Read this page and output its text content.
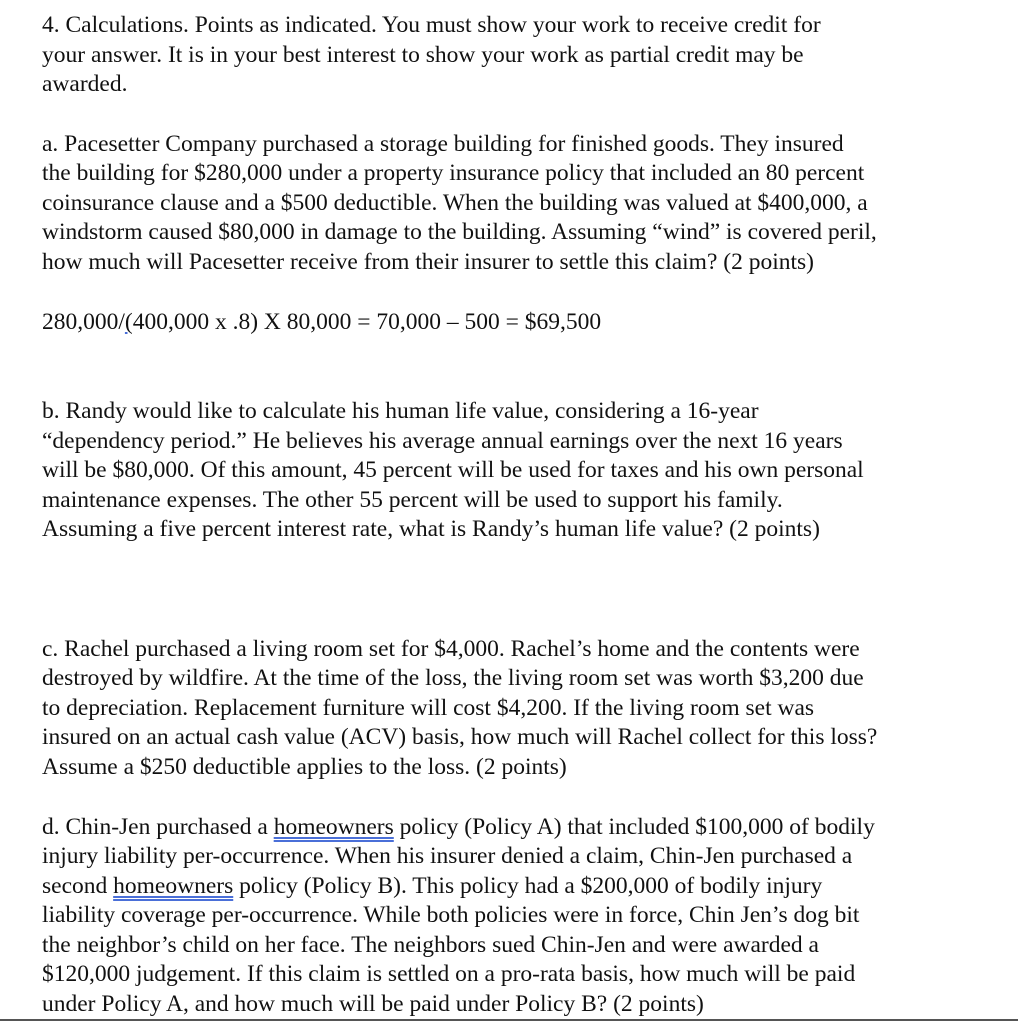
4. Calculations. Points as indicated. You must show your work to receive credit for
your answer. It is in your best interest to show your work as partial credit may be
awarded.
a. Pacesetter Company purchased a storage building for finished goods. They insured
the building for $280,000 under a property insurance policy that included an 80 percent
coinsurance clause and a $500 deductible. When the building was valued at $400,000, a
windstorm caused $80,000 in damage to the building. Assuming “wind” is covered peril,
how much will Pacesetter receive from their insurer to settle this claim? (2 points)
280,000/(400,000 x .8) X 80,000 = 70,000 – 500 = $69,500
b. Randy would like to calculate his human life value, considering a 16-year
“dependency period.” He believes his average annual earnings over the next 16 years
will be $80,000. Of this amount, 45 percent will be used for taxes and his own personal
maintenance expenses. The other 55 percent will be used to support his family.
Assuming a five percent interest rate, what is Randy’s human life value? (2 points)
c. Rachel purchased a living room set for $4,000. Rachel’s home and the contents were
destroyed by wildfire. At the time of the loss, the living room set was worth $3,200 due
to depreciation. Replacement furniture will cost $4,200. If the living room set was
insured on an actual cash value (ACV) basis, how much will Rachel collect for this loss?
Assume a $250 deductible applies to the loss. (2 points)
d. Chin-Jen purchased a homeowners policy (Policy A) that included $100,000 of bodily
injury liability per-occurrence. When his insurer denied a claim, Chin-Jen purchased a
second homeowners policy (Policy B). This policy had a $200,000 of bodily injury
liability coverage per-occurrence. While both policies were in force, Chin Jen’s dog bit
the neighbor’s child on her face. The neighbors sued Chin-Jen and were awarded a
$120,000 judgement. If this claim is settled on a pro-rata basis, how much will be paid
under Policy A, and how much will be paid under Policy B? (2 points)
